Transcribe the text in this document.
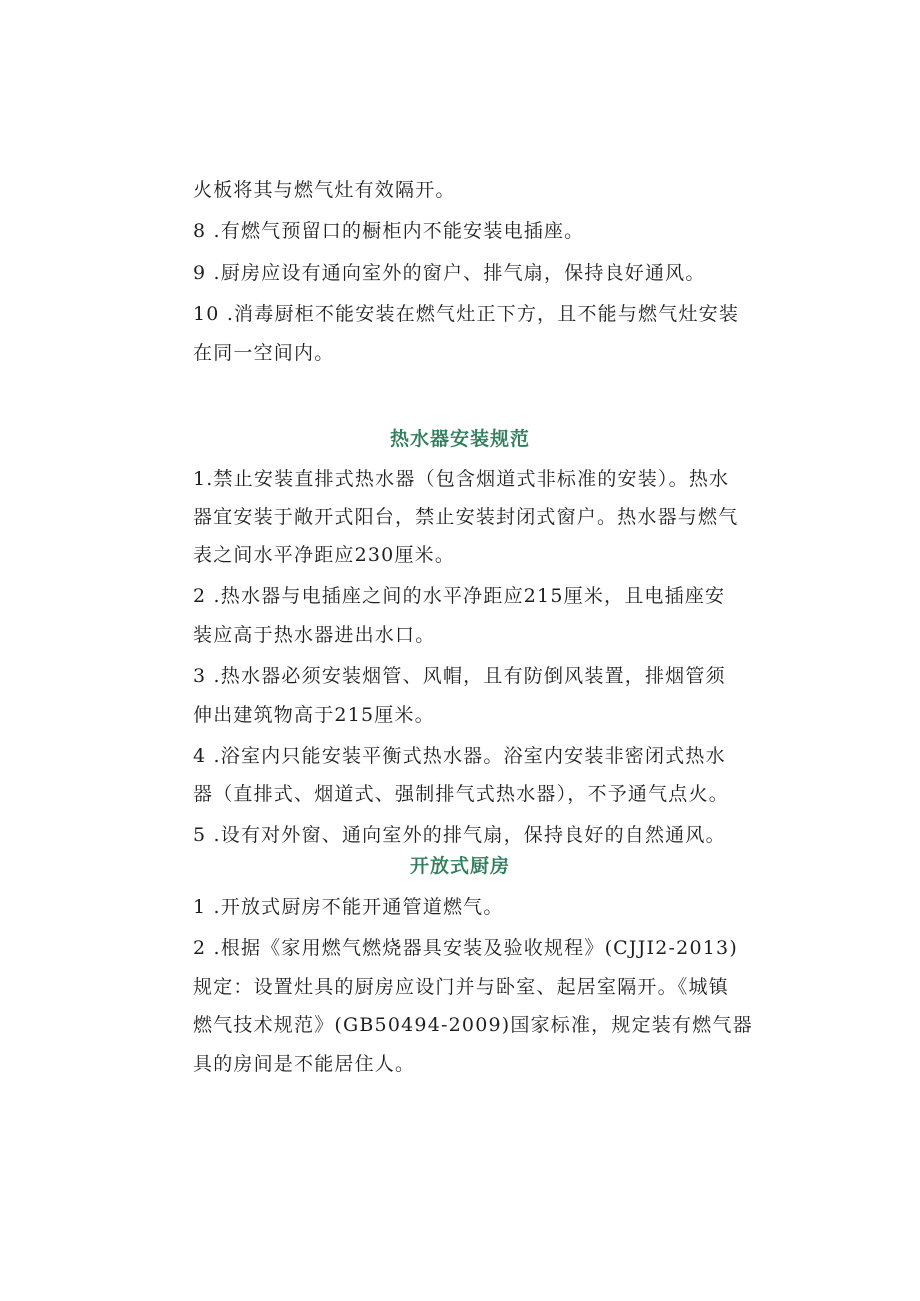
火板将其与燃气灶有效隔开。
8 .有燃气预留口的橱柜内不能安装电插座。
9 .厨房应设有通向室外的窗户、排气扇，保持良好通风。
10 .消毒厨柜不能安装在燃气灶正下方，且不能与燃气灶安装
在同一空间内。
热水器安装规范
1.禁止安装直排式热水器（包含烟道式非标准的安装）。热水
器宜安装于敞开式阳台，禁止安装封闭式窗户。热水器与燃气
表之间水平净距应230厘米。
2 .热水器与电插座之间的水平净距应215厘米，且电插座安
装应高于热水器进出水口。
3 .热水器必须安装烟管、风帽，且有防倒风装置，排烟管须
伸出建筑物高于215厘米。
4 .浴室内只能安装平衡式热水器。浴室内安装非密闭式热水
器（直排式、烟道式、强制排气式热水器），不予通气点火。
5 .设有对外窗、通向室外的排气扇，保持良好的自然通风。
开放式厨房
1 .开放式厨房不能开通管道燃气。
2 .根据《家用燃气燃烧器具安装及验收规程》(CJJI2-2013)
规定：设置灶具的厨房应设门并与卧室、起居室隔开。《城镇
燃气技术规范》(GB50494-2009)国家标准，规定装有燃气器
具的房间是不能居住人。
